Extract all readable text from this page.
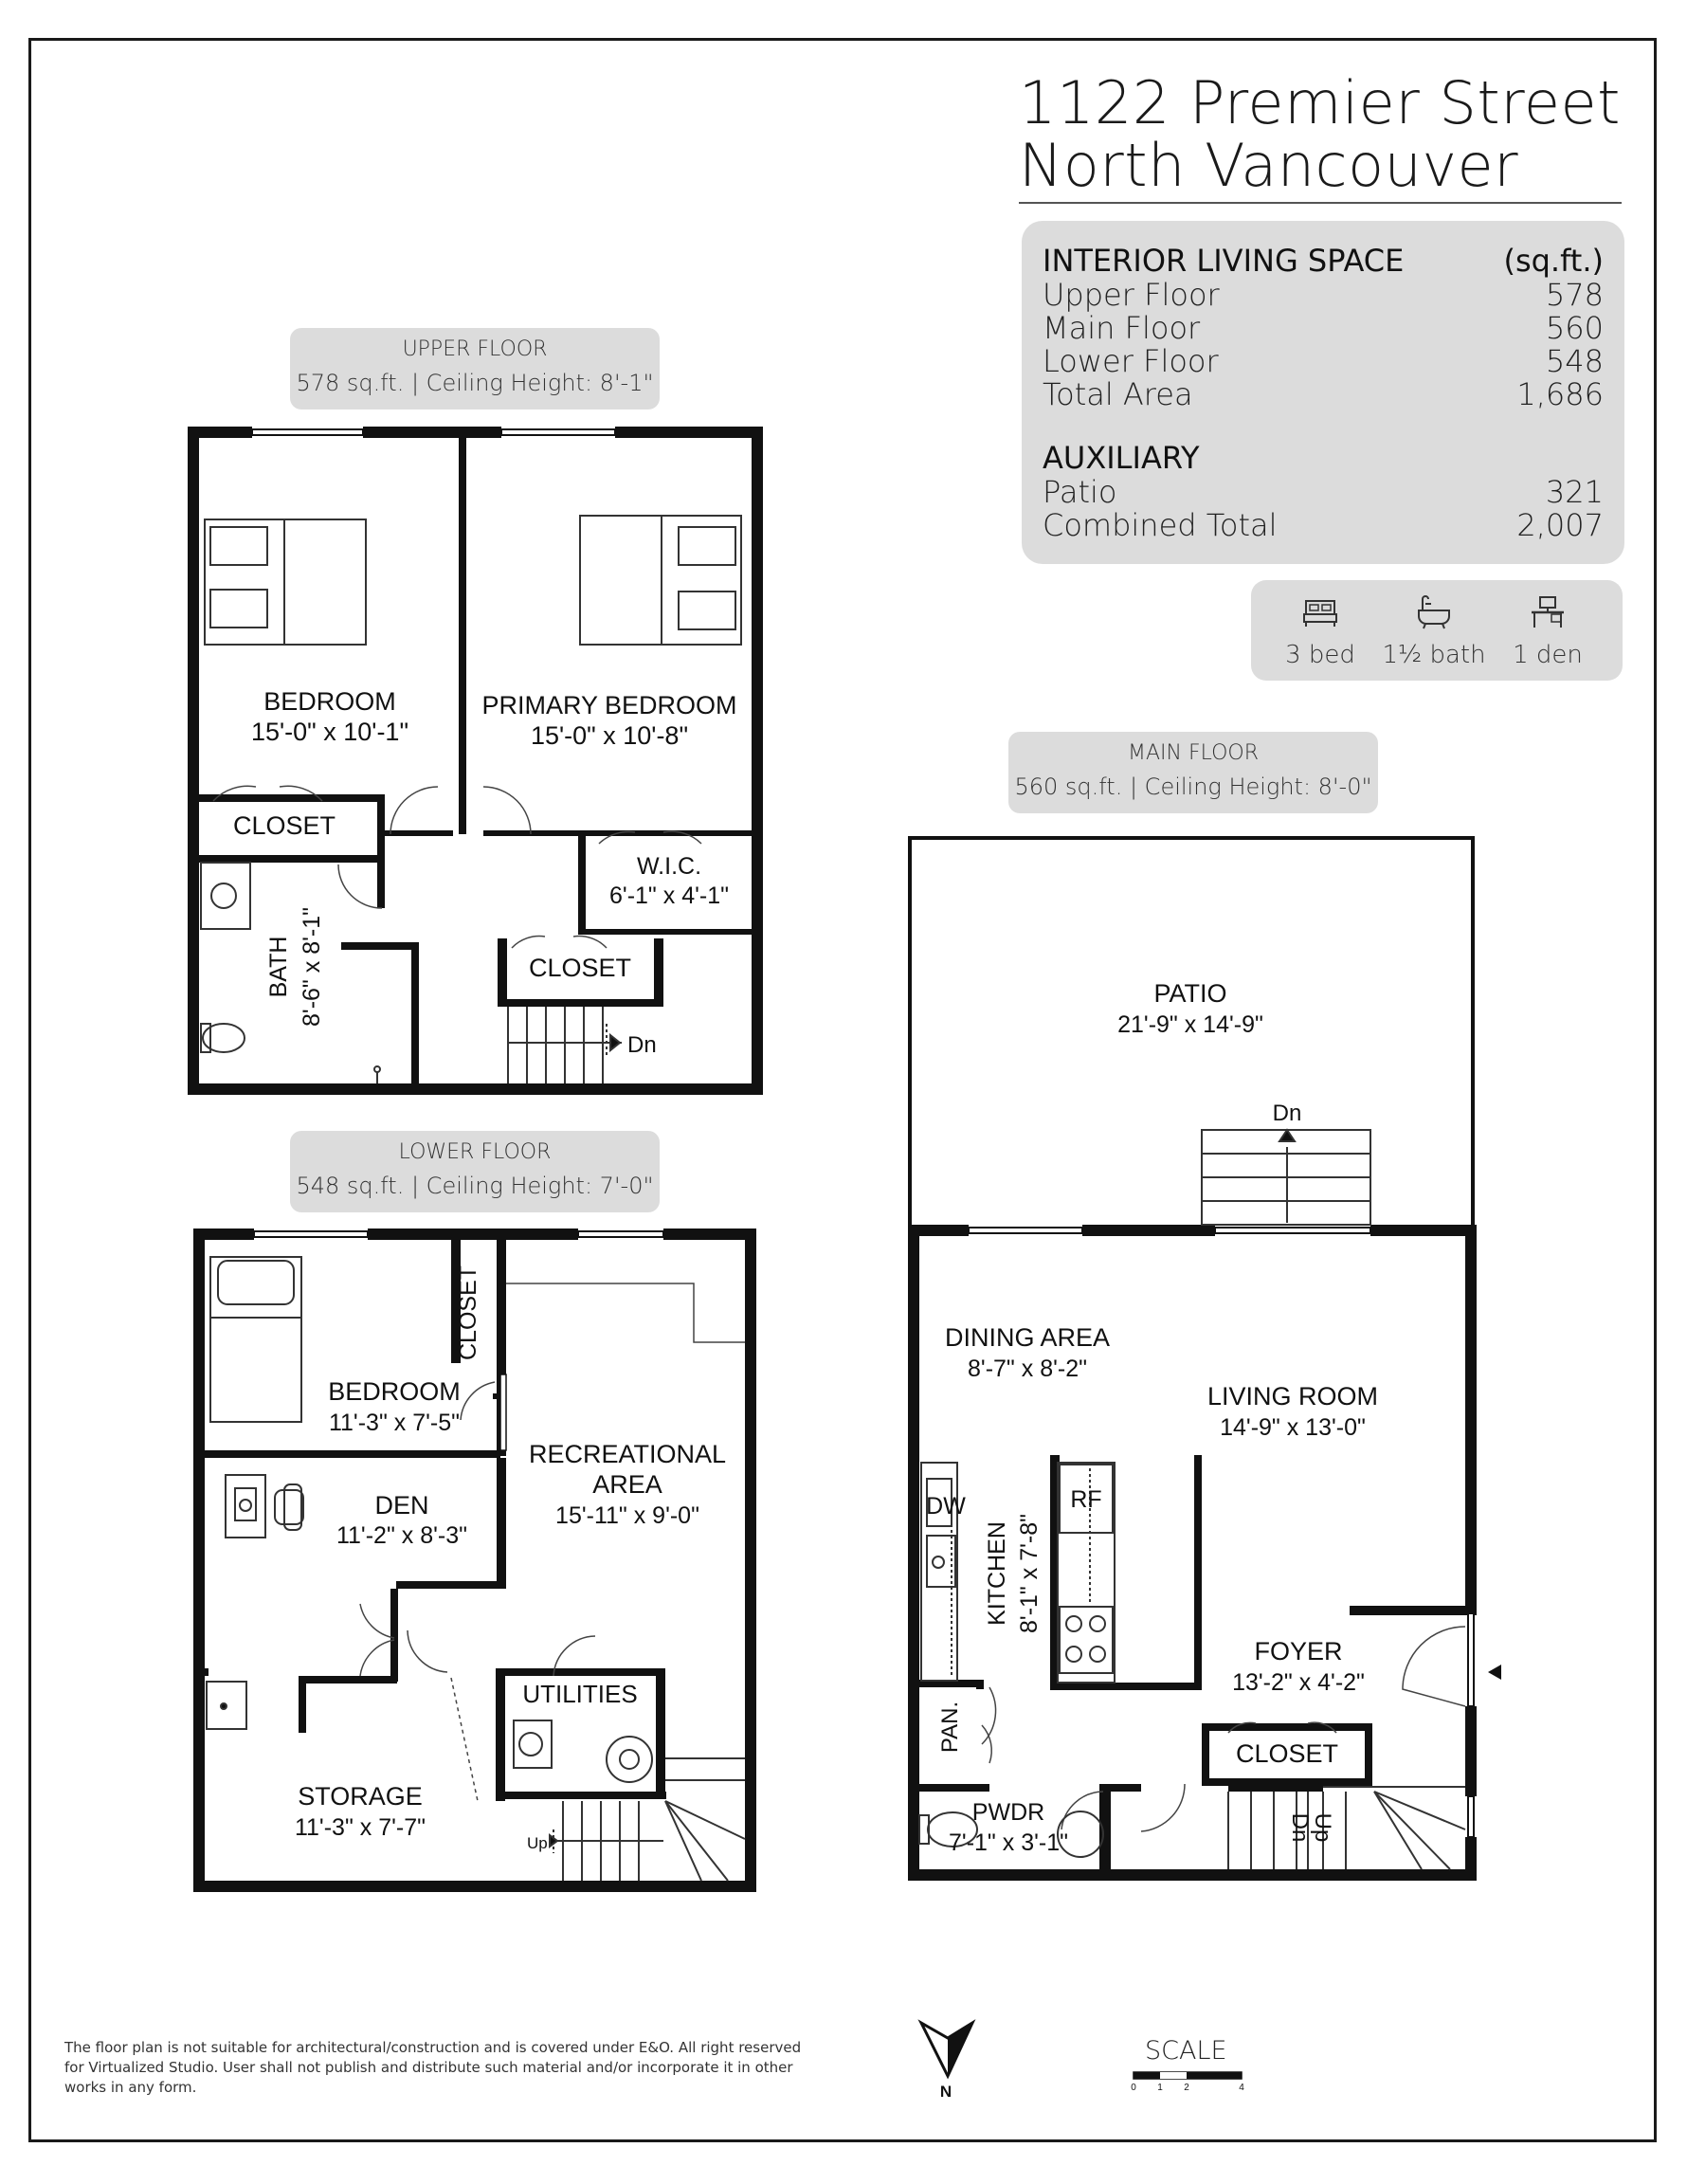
1122 Premier Street
North Vancouver
INTERIOR LIVING SPACE	(sq.ft.)
Upper Floor	578
Main Floor	560
Lower Floor	548
Total Area	1,686
AUXILIARY
Patio	321
Combined Total	2,007
3 bed	1½ bath	1 den
UPPER FLOOR
578 sq.ft. | Ceiling Height: 8'-1"
LOWER FLOOR
548 sq.ft. | Ceiling Height: 7'-0"
MAIN FLOOR
560 sq.ft. | Ceiling Height: 8'-0"
BEDROOM
15'-0" x 10'-1"
PRIMARY BEDROOM
15'-0" x 10'-8"
CLOSET
W.I.C.
6'-1" x 4'-1"
BATH 8'-6" x 8'-1"	CLOSET
Dn
BEDROOM
11'-3" x 7'-5"
CLOSET
RECREATIONAL
AREA
15'-11" x 9'-0"
DEN
11'-2" x 8'-3"
UTILITIES
STORAGE
11'-3" x 7'-7"
Up
PATIO
21'-9" x 14'-9"
Dn
DINING AREA
8'-7" x 8'-2"
LIVING ROOM
14'-9" x 13'-0"
DW	RF
KITCHEN 8'-1" x 7'-8"
FOYER
13'-2" x 4'-2"
CLOSET
PAN.
PWDR
7'-1" x 3'-1"
Dn
Up
N	0 1 2	4
SCALE
The floor plan is not suitable for architectural/construction and is covered under E&O. All right reserved
for Virtualized Studio. User shall not publish and distribute such material and/or incorporate it in other
works in any form.
